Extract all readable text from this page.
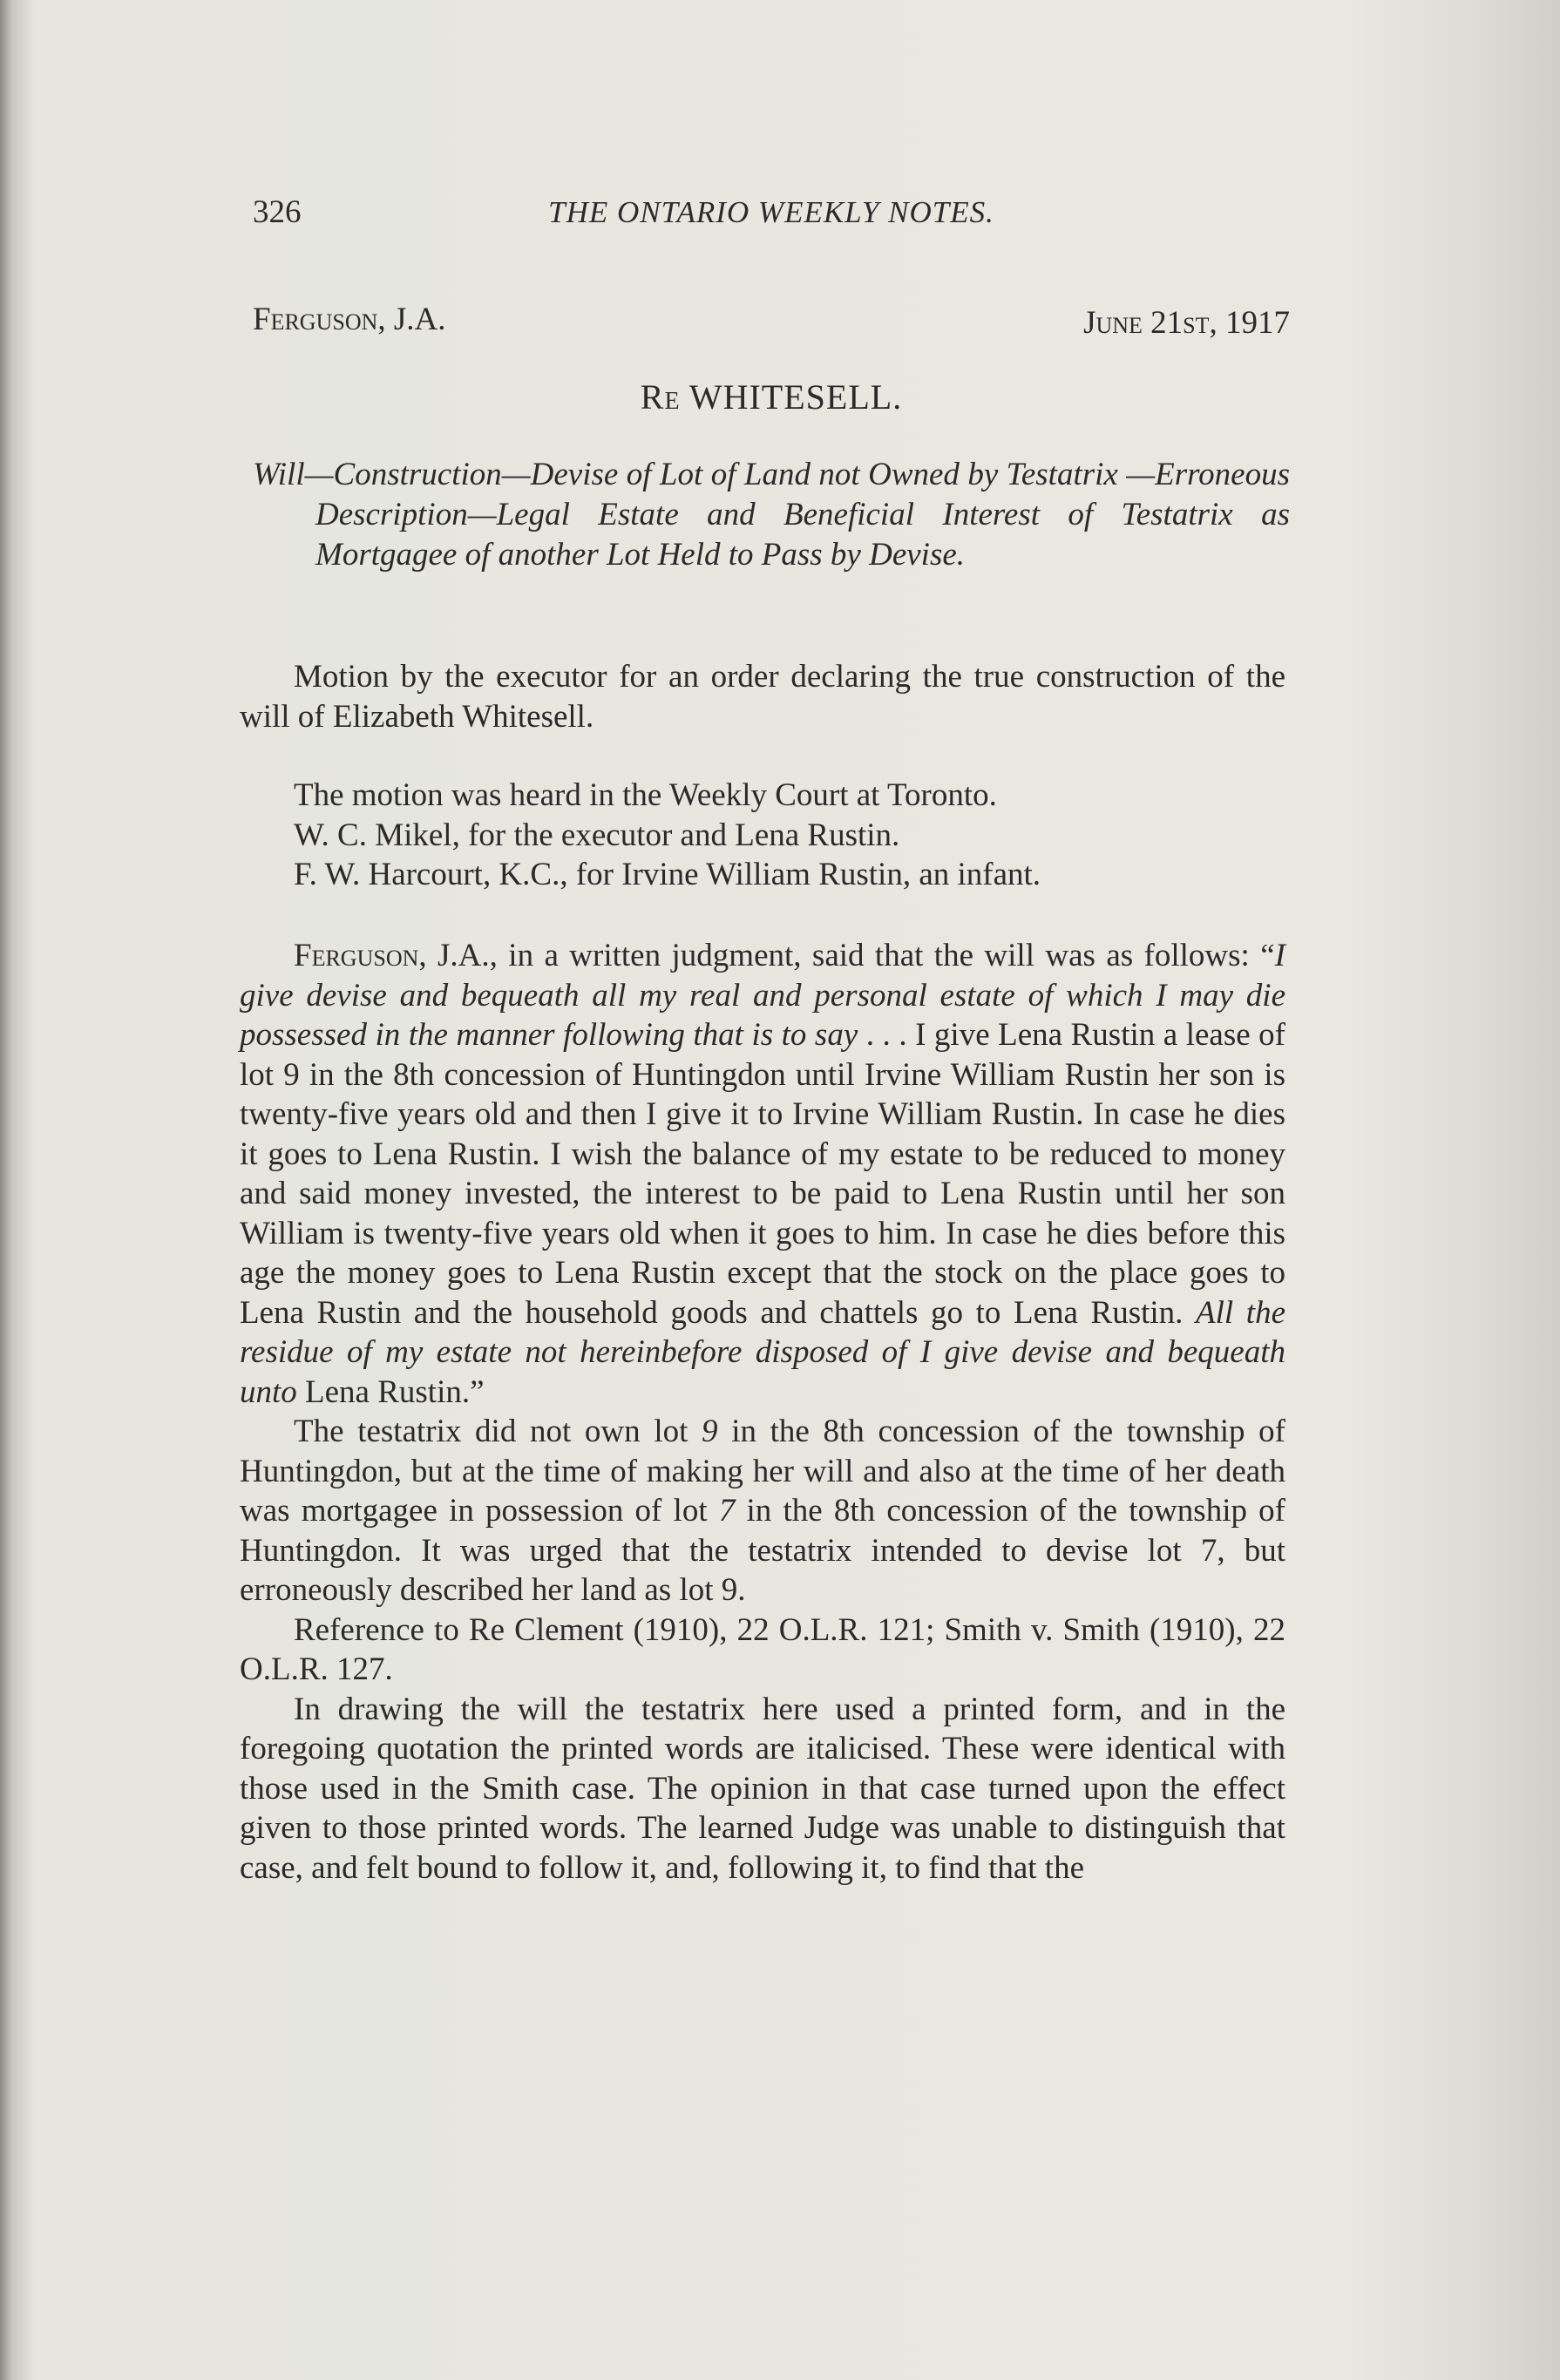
326	THE ONTARIO WEEKLY NOTES.
Ferguson, J.A.	June 21st, 1917
Re WHITESELL.
Will—Construction—Devise of Lot of Land not Owned by Testatrix —Erroneous Description—Legal Estate and Beneficial Interest of Testatrix as Mortgagee of another Lot Held to Pass by Devise.

Motion by the executor for an order declaring the true construction of the will of Elizabeth Whitesell.

The motion was heard in the Weekly Court at Toronto.

W. C. Mikel, for the executor and Lena Rustin.

F. W. Harcourt, K.C., for Irvine William Rustin, an infant.

Ferguson, J.A., in a written judgment, said that the will was as follows: “I give devise and bequeath all my real and personal estate of which I may die possessed in the manner following that is to say . . . I give Lena Rustin a lease of lot 9 in the 8th concession of Huntingdon until Irvine William Rustin her son is twenty-five years old and then I give it to Irvine William Rustin. In case he dies it goes to Lena Rustin. I wish the balance of my estate to be reduced to money and said money invested, the interest to be paid to Lena Rustin until her son William is twenty-five years old when it goes to him. In case he dies before this age the money goes to Lena Rustin except that the stock on the place goes to Lena Rustin and the household goods and chattels go to Lena Rustin. All the residue of my estate not hereinbefore disposed of I give devise and bequeath unto Lena Rustin.”

The testatrix did not own lot 9 in the 8th concession of the township of Huntingdon, but at the time of making her will and also at the time of her death was mortgagee in possession of lot 7 in the 8th concession of the township of Huntingdon. It was urged that the testatrix intended to devise lot 7, but erroneously described her land as lot 9.

Reference to Re Clement (1910), 22 O.L.R. 121; Smith v. Smith (1910), 22 O.L.R. 127.

In drawing the will the testatrix here used a printed form, and in the foregoing quotation the printed words are italicised. These were identical with those used in the Smith case. The opinion in that case turned upon the effect given to those printed words. The learned Judge was unable to distinguish that case, and felt bound to follow it, and, following it, to find that the
